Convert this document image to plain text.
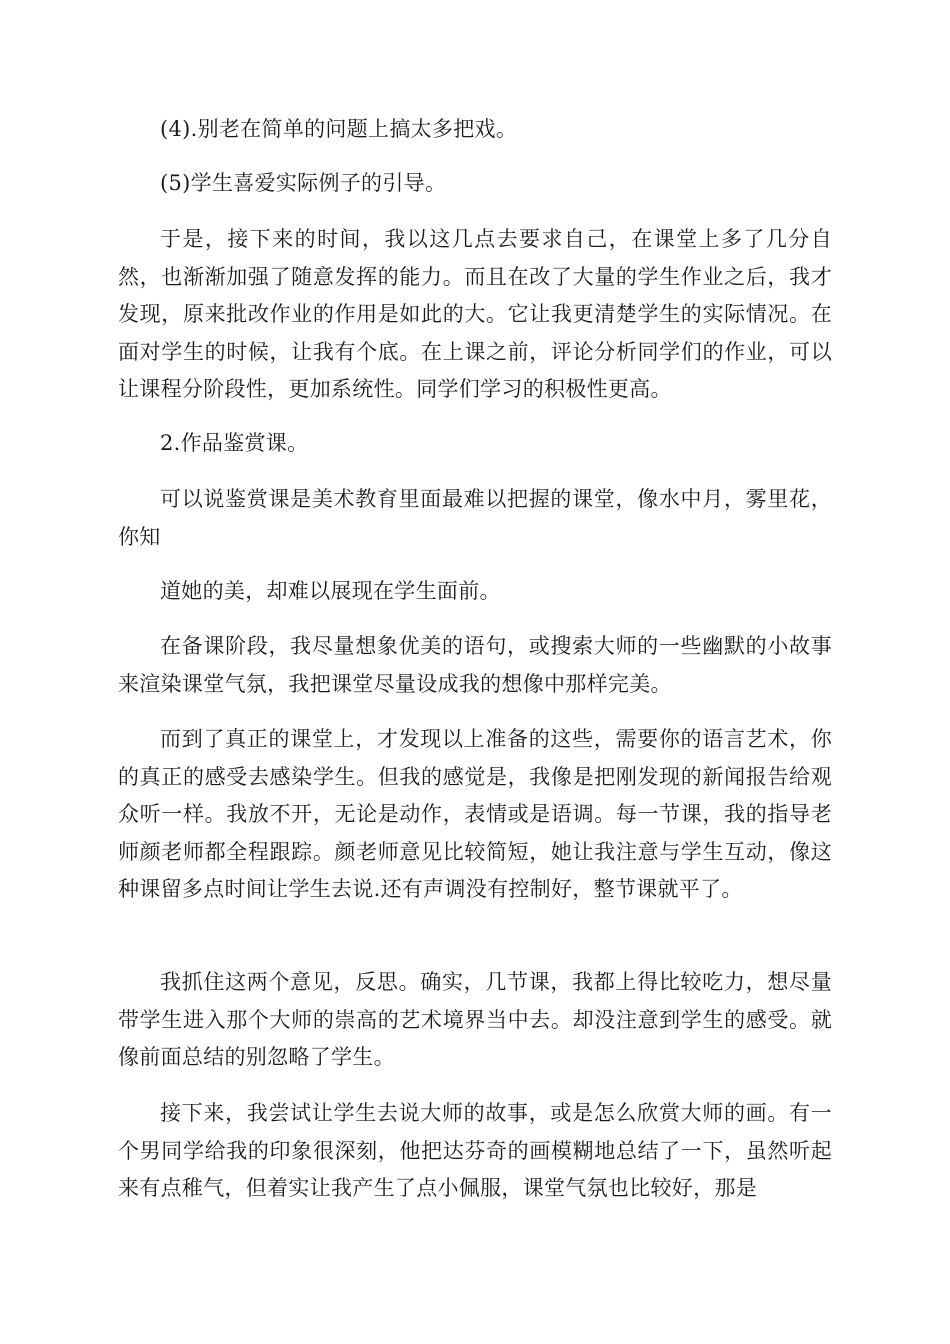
(4).别老在简单的问题上搞太多把戏。

(5)学生喜爱实际例子的引导。

于是，接下来的时间，我以这几点去要求自己，在课堂上多了几分自然，也渐渐加强了随意发挥的能力。而且在改了大量的学生作业之后，我才发现，原来批改作业的作用是如此的大。它让我更清楚学生的实际情况。在面对学生的时候，让我有个底。在上课之前，评论分析同学们的作业，可以让课程分阶段性，更加系统性。同学们学习的积极性更高。

2.作品鉴赏课。

可以说鉴赏课是美术教育里面最难以把握的课堂，像水中月，雾里花，你知

道她的美，却难以展现在学生面前。

在备课阶段，我尽量想象优美的语句，或搜索大师的一些幽默的小故事来渲染课堂气氛，我把课堂尽量设成我的想像中那样完美。

而到了真正的课堂上，才发现以上准备的这些，需要你的语言艺术，你的真正的感受去感染学生。但我的感觉是，我像是把刚发现的新闻报告给观众听一样。我放不开，无论是动作，表情或是语调。每一节课，我的指导老师颜老师都全程跟踪。颜老师意见比较简短，她让我注意与学生互动，像这种课留多点时间让学生去说.还有声调没有控制好，整节课就平了。

我抓住这两个意见，反思。确实，几节课，我都上得比较吃力，想尽量带学生进入那个大师的崇高的艺术境界当中去。却没注意到学生的感受。就像前面总结的别忽略了学生。

接下来，我尝试让学生去说大师的故事，或是怎么欣赏大师的画。有一个男同学给我的印象很深刻，他把达芬奇的画模糊地总结了一下，虽然听起来有点稚气，但着实让我产生了点小佩服，课堂气氛也比较好，那是
